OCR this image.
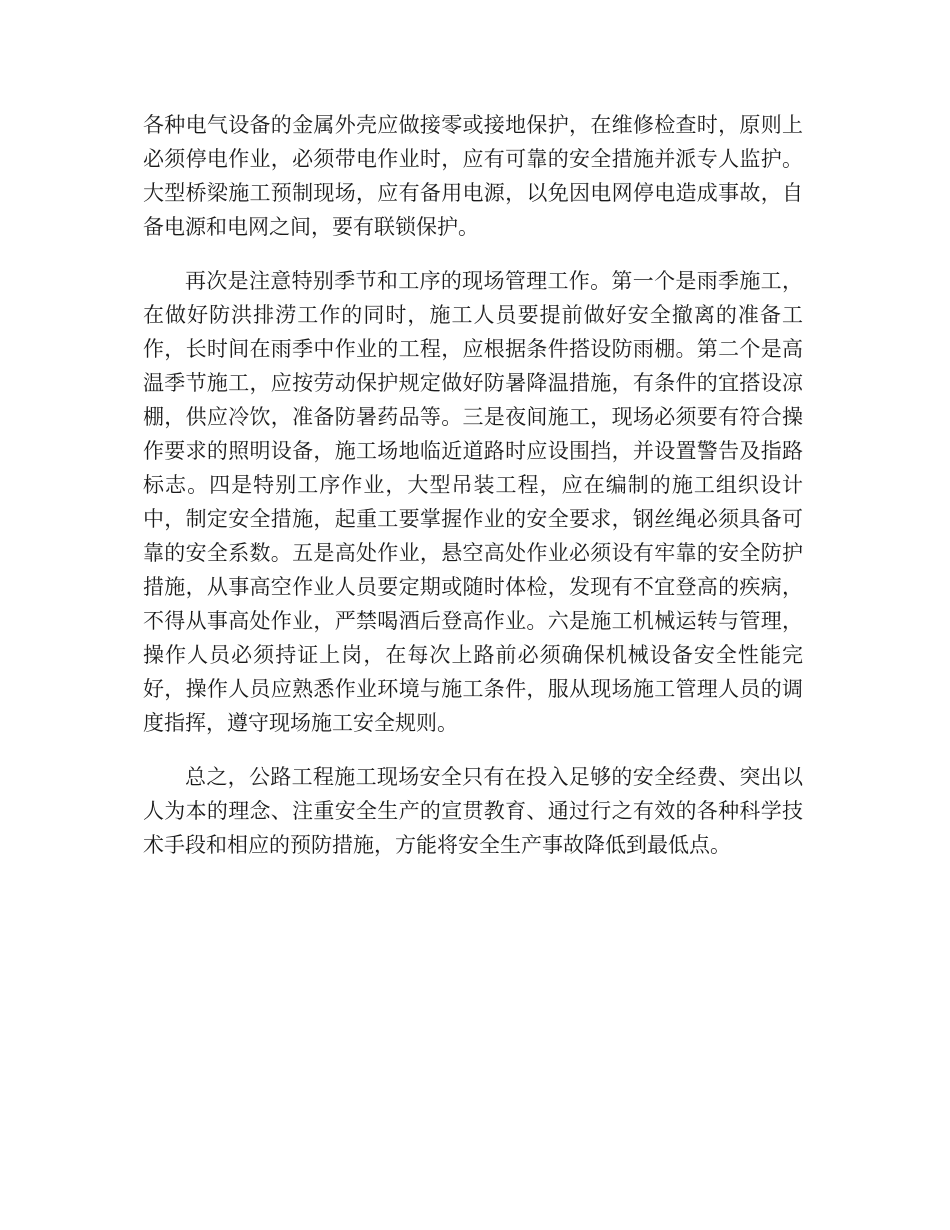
各种电气设备的金属外壳应做接零或接地保护，在维修检查时，原则上必须停电作业，必须带电作业时，应有可靠的安全措施并派专人监护。大型桥梁施工预制现场，应有备用电源，以免因电网停电造成事故，自备电源和电网之间，要有联锁保护。

再次是注意特别季节和工序的现场管理工作。第一个是雨季施工，在做好防洪排涝工作的同时，施工人员要提前做好安全撤离的准备工作，长时间在雨季中作业的工程，应根据条件搭设防雨棚。第二个是高温季节施工，应按劳动保护规定做好防暑降温措施，有条件的宜搭设凉棚，供应冷饮，准备防暑药品等。三是夜间施工，现场必须要有符合操作要求的照明设备，施工场地临近道路时应设围挡，并设置警告及指路标志。四是特别工序作业，大型吊装工程，应在编制的施工组织设计中，制定安全措施，起重工要掌握作业的安全要求，钢丝绳必须具备可靠的安全系数。五是高处作业，悬空高处作业必须设有牢靠的安全防护措施，从事高空作业人员要定期或随时体检，发现有不宜登高的疾病，不得从事高处作业，严禁喝酒后登高作业。六是施工机械运转与管理，操作人员必须持证上岗，在每次上路前必须确保机械设备安全性能完好，操作人员应熟悉作业环境与施工条件，服从现场施工管理人员的调度指挥，遵守现场施工安全规则。

总之，公路工程施工现场安全只有在投入足够的安全经费、突出以人为本的理念、注重安全生产的宣贯教育、通过行之有效的各种科学技术手段和相应的预防措施，方能将安全生产事故降低到最低点。
